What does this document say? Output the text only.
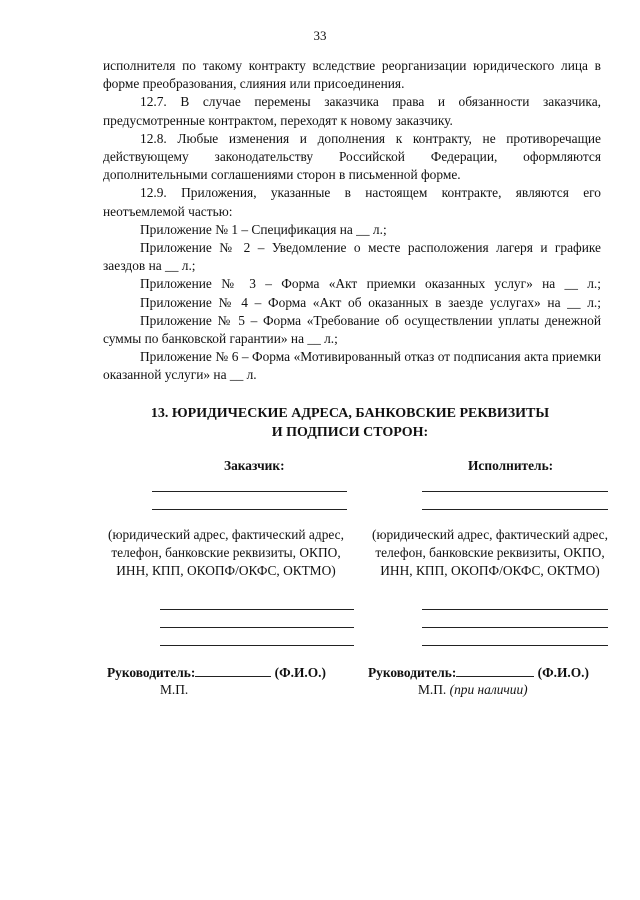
33

исполнителя по такому контракту вследствие реорганизации юридического лица в форме преобразования, слияния или присоединения.

12.7. В случае перемены заказчика права и обязанности заказчика, предусмотренные контрактом, переходят к новому заказчику.

12.8. Любые изменения и дополнения к контракту, не противоречащие действующему законодательству Российской Федерации, оформляются дополнительными соглашениями сторон в письменной форме.

12.9. Приложения, указанные в настоящем контракте, являются его неотъемлемой частью:

Приложение № 1 – Спецификация на __ л.;

Приложение № 2 – Уведомление о месте расположения лагеря и графике заездов на __ л.;

Приложение № 3 – Форма «Акт приемки оказанных услуг» на __ л.;

Приложение № 4 – Форма «Акт об оказанных в заезде услугах» на __ л.;

Приложение № 5 – Форма «Требование об осуществлении уплаты денежной суммы по банковской гарантии» на __ л.;

Приложение № 6 – Форма «Мотивированный отказ от подписания акта приемки оказанной услуги» на __ л.

13. ЮРИДИЧЕСКИЕ АДРЕСА, БАНКОВСКИЕ РЕКВИЗИТЫ
И ПОДПИСИ СТОРОН:
Заказчик:
(юридический адрес, фактический адрес, телефон, банковские реквизиты, ОКПО, ИНН, КПП, ОКОПФ/ОКФС, ОКТМО)
Руководитель:	(Ф.И.О.)
М.П.
Исполнитель:
(юридический адрес, фактический адрес, телефон, банковские реквизиты, ОКПО, ИНН, КПП, ОКОПФ/ОКФС, ОКТМО)
Руководитель:	(Ф.И.О.)
М.П. (при наличии)
